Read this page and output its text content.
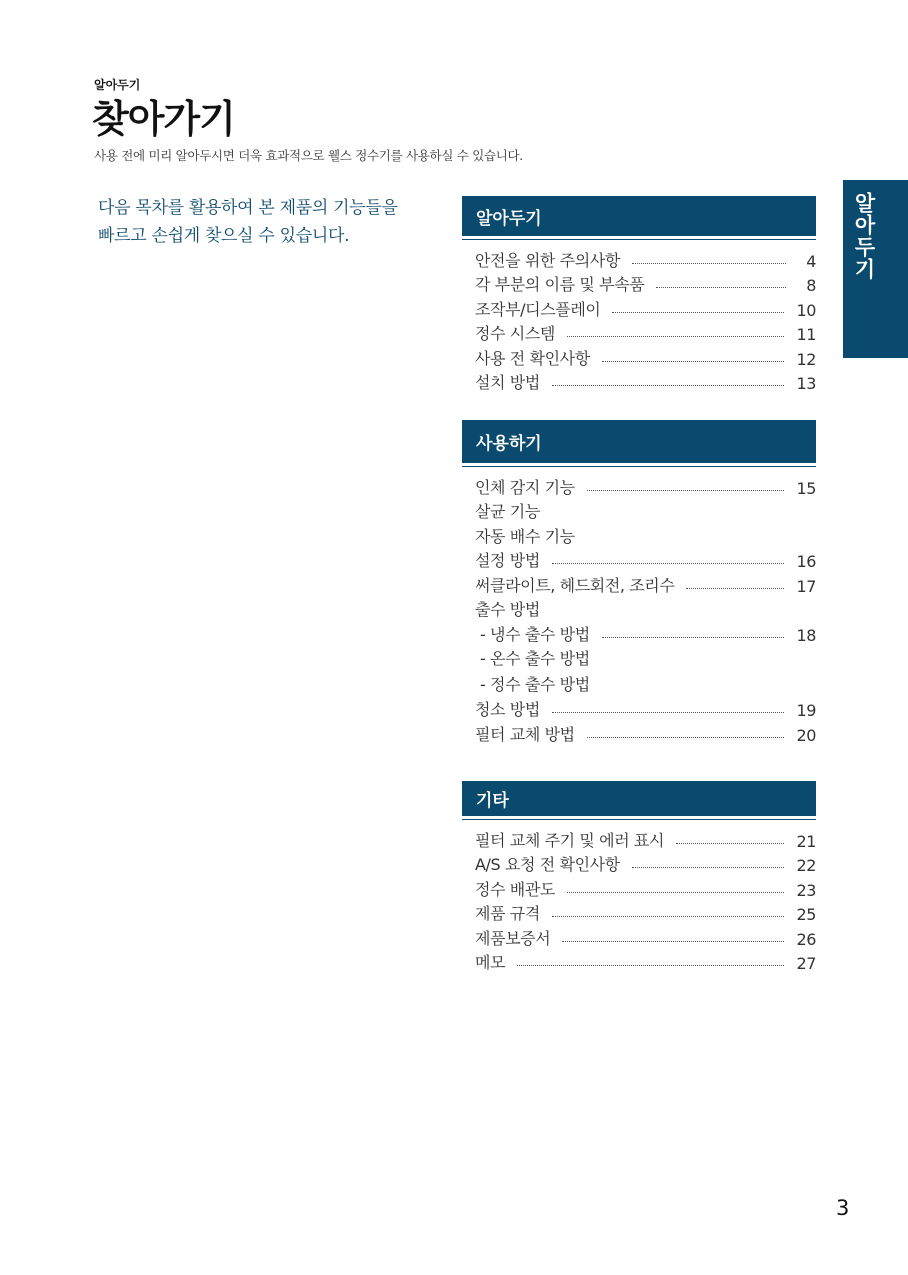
알아두기
찾아가기
사용 전에 미리 알아두시면 더욱 효과적으로 웰스 정수기를 사용하실 수 있습니다.
다음 목차를 활용하여 본 제품의 기능들을
빠르고 손쉽게 찾으실 수 있습니다.
알아두기
안전을 위한 주의사항	4
각 부분의 이름 및 부속품	8
조작부/디스플레이	10
정수 시스템	11
사용 전 확인사항	12
설치 방법	13
사용하기
인체 감지 기능	15
살균 기능
자동 배수 기능
설정 방법	16
써클라이트, 헤드회전, 조리수	17
출수 방법
- 냉수 출수 방법	18
- 온수 출수 방법
- 정수 출수 방법
청소 방법	19
필터 교체 방법	20
기타
필터 교체 주기 및 에러 표시	21
A/S 요청 전 확인사항	22
정수 배관도	23
제품 규격	25
제품보증서	26
메모	27
알아두기
3
